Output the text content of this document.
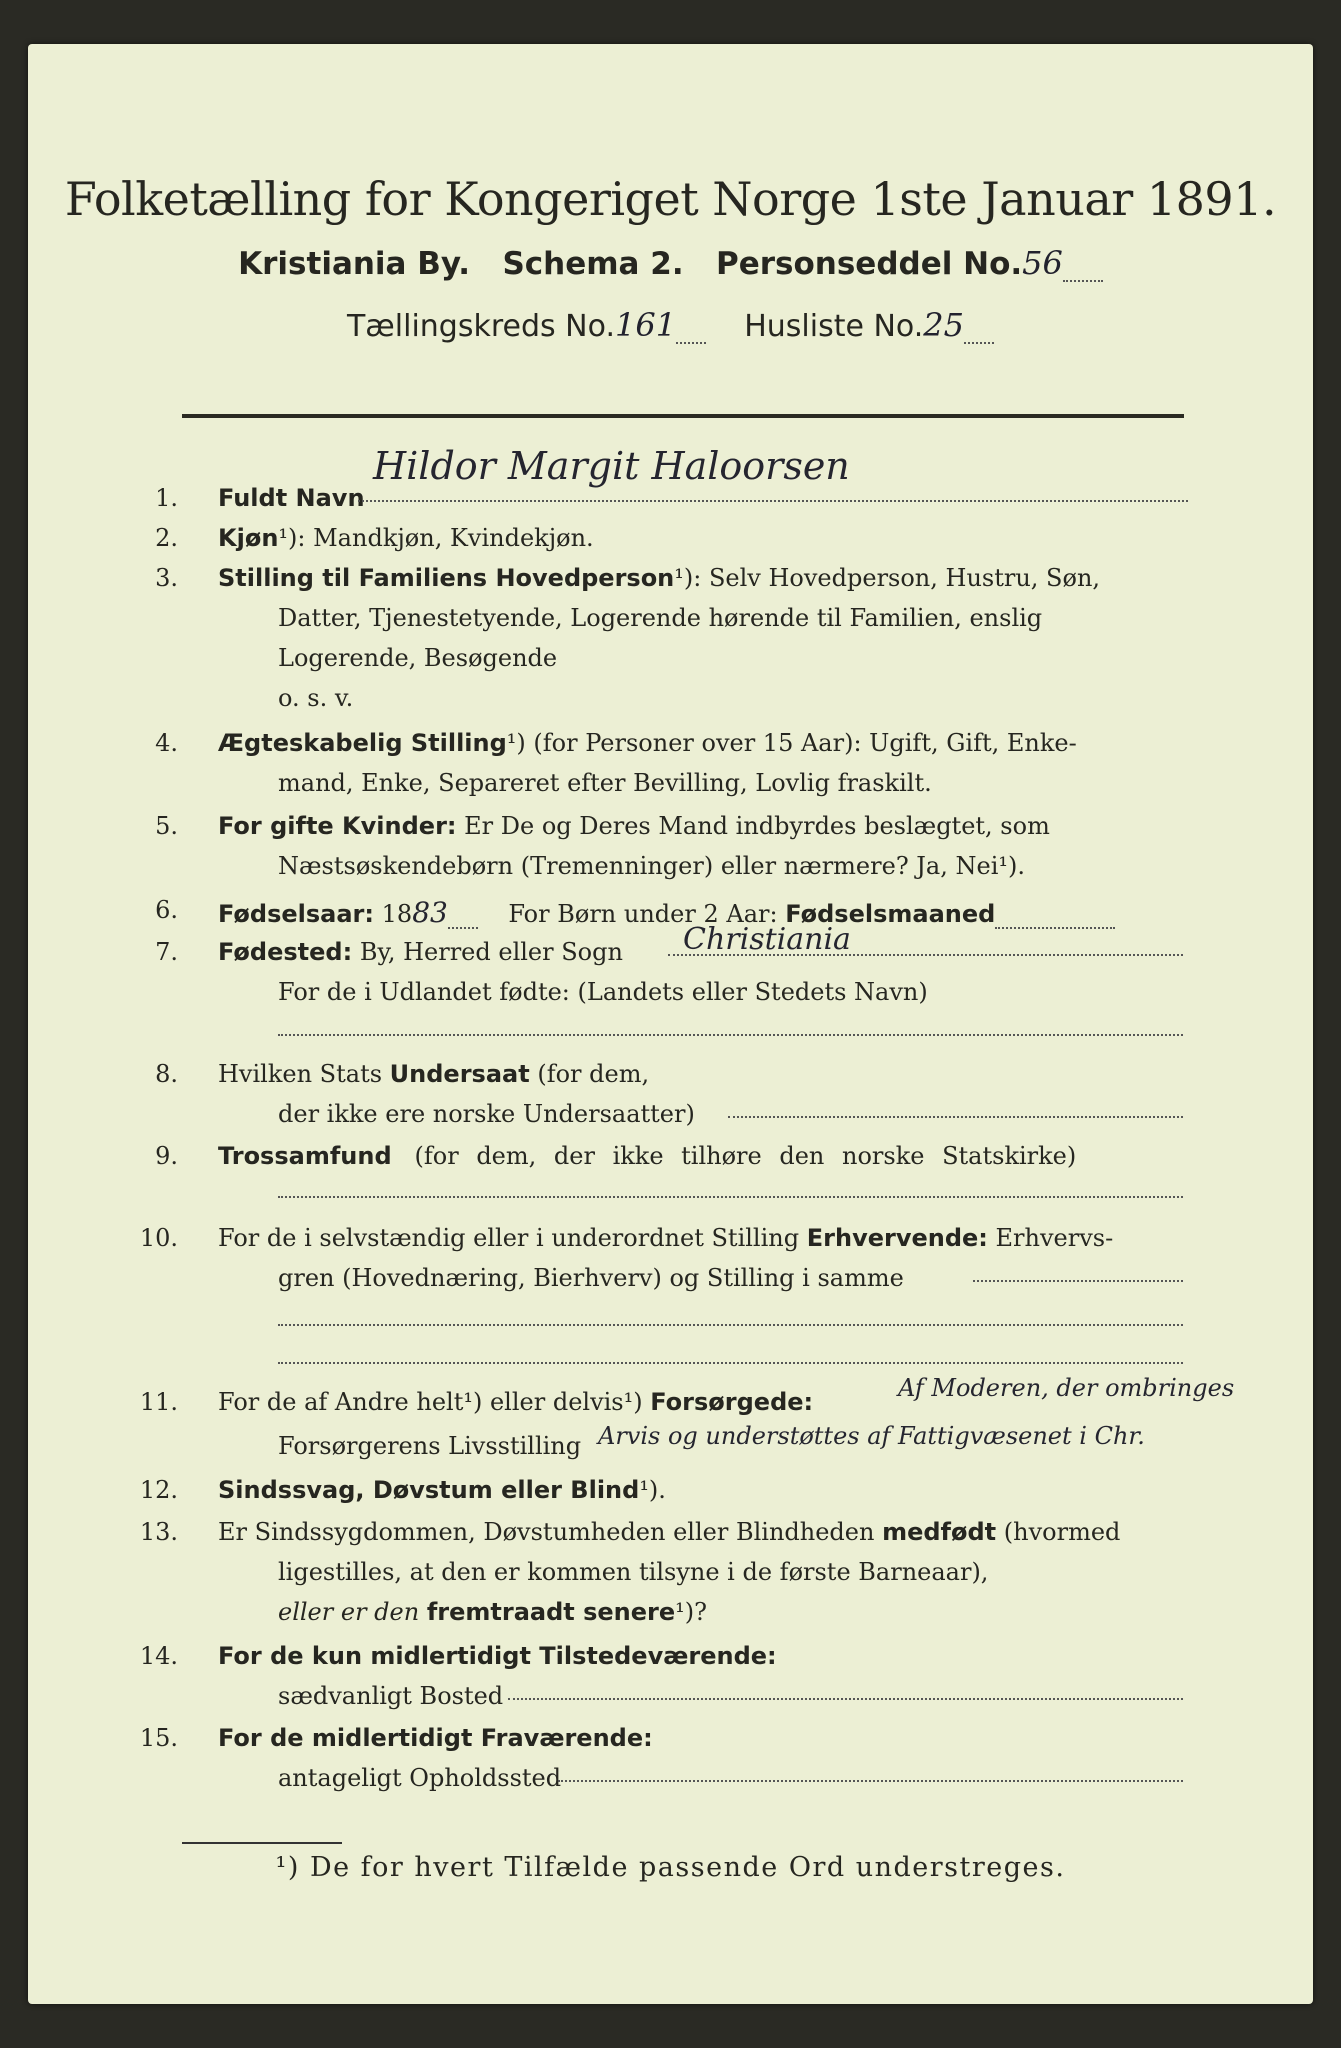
Folketælling for Kongeriget Norge 1ste Januar 1891.
Kristiania By. Schema 2. Personseddel No.56
Tællingskreds No.161 Husliste No.25
1. Fuldt Navn
Hildor Margit Haloorsen
2. Kjøn¹): Mandkjøn, Kvindekjøn.
3. Stilling til Familiens Hovedperson¹): Selv Hovedperson, Hustru, Søn,
Datter, Tjenestetyende, Logerende hørende til Familien, enslig
Logerende, Besøgende
o. s. v.
4. Ægteskabelig Stilling¹) (for Personer over 15 Aar): Ugift, Gift, Enke-
mand, Enke, Separeret efter Bevilling, Lovlig fraskilt.
5. For gifte Kvinder: Er De og Deres Mand indbyrdes beslægtet, som
Næstsøskendebørn (Tremenninger) eller nærmere? Ja, Nei¹).
6. Fødselsaar: 1883	For Børn under 2 Aar: Fødselsmaaned
7. Fødested: By, Herred eller Sogn Christiania
For de i Udlandet fødte: (Landets eller Stedets Navn)
8. Hvilken Stats Undersaat (for dem,
der ikke ere norske Undersaatter)
9. Trossamfund (for dem, der ikke tilhøre den norske Statskirke)
10. For de i selvstændig eller i underordnet Stilling Erhvervende: Erhvervs-
gren (Hovednæring, Bierhverv) og Stilling i samme
11. For de af Andre helt¹) eller delvis¹) Forsørgede:	Af Moderen, der ombringes
Forsørgerens Livsstilling Arvis og understøttes af Fattigvæsenet i Chr.
12. Sindssvag, Døvstum eller Blind¹).
13. Er Sindssygdommen, Døvstumheden eller Blindheden medfødt (hvormed
ligestilles, at den er kommen tilsyne i de første Barneaar),
eller er den fremtraadt senere¹)?
14. For de kun midlertidigt Tilstedeværende:
sædvanligt Bosted
15. For de midlertidigt Fraværende:
antageligt Opholdssted
¹) De for hvert Tilfælde passende Ord understreges.
